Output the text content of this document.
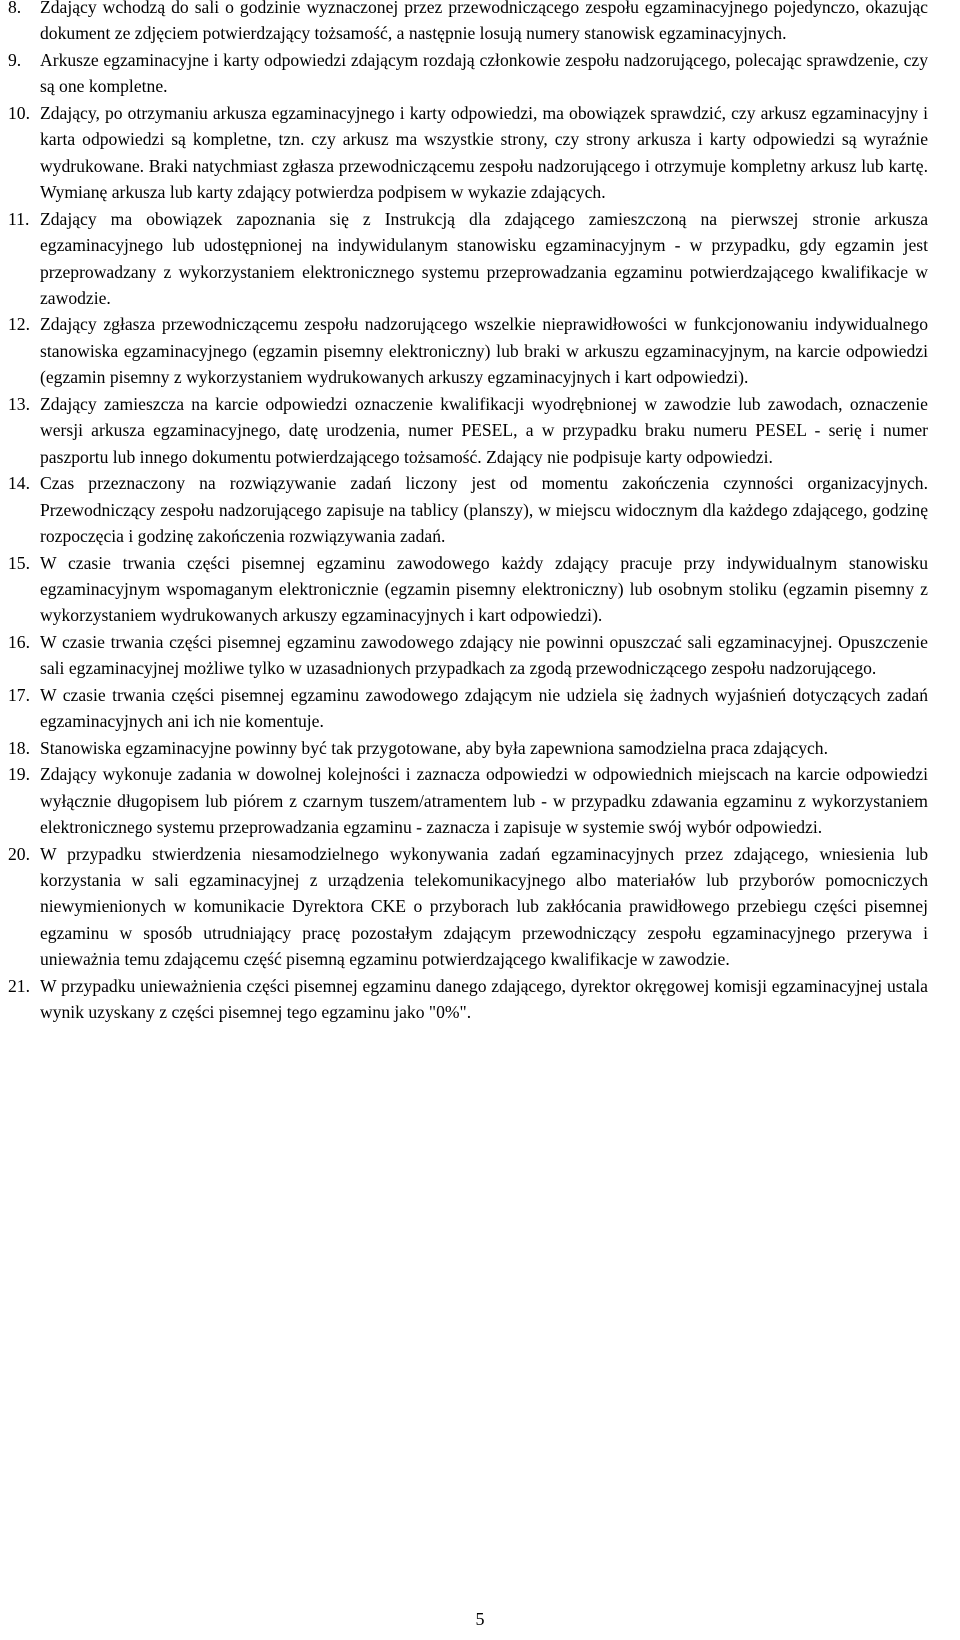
8.	Zdający wchodzą do sali o godzinie wyznaczonej przez przewodniczącego zespołu egzaminacyjnego pojedynczo, okazując dokument ze zdjęciem potwierdzający tożsamość, a następnie losują numery stanowisk egzaminacyjnych.
9.	Arkusze egzaminacyjne i karty odpowiedzi zdającym rozdają członkowie zespołu nadzorującego, polecając sprawdzenie, czy są one kompletne.
10. Zdający, po otrzymaniu arkusza egzaminacyjnego i karty odpowiedzi, ma obowiązek sprawdzić, czy arkusz egzaminacyjny i karta odpowiedzi są kompletne, tzn. czy arkusz ma wszystkie strony, czy strony arkusza i karty odpowiedzi są wyraźnie wydrukowane. Braki natychmiast zgłasza przewodniczącemu zespołu nadzorującego i otrzymuje kompletny arkusz lub kartę. Wymianę arkusza lub karty zdający potwierdza podpisem w wykazie zdających.
11. Zdający ma obowiązek zapoznania się z Instrukcją dla zdającego zamieszczoną na pierwszej stronie arkusza egzaminacyjnego lub udostępnionej na indywidulanym stanowisku egzaminacyjnym - w przypadku, gdy egzamin jest przeprowadzany z wykorzystaniem elektronicznego systemu przeprowadzania egzaminu potwierdzającego kwalifikacje w zawodzie.
12. Zdający zgłasza przewodniczącemu zespołu nadzorującego wszelkie nieprawidłowości w funkcjonowaniu indywidualnego stanowiska egzaminacyjnego (egzamin pisemny elektroniczny) lub braki w arkuszu egzaminacyjnym, na karcie odpowiedzi (egzamin pisemny z wykorzystaniem wydrukowanych arkuszy egzaminacyjnych i kart odpowiedzi).
13. Zdający zamieszcza na karcie odpowiedzi oznaczenie kwalifikacji wyodrębnionej w zawodzie lub zawodach, oznaczenie wersji arkusza egzaminacyjnego, datę urodzenia, numer PESEL, a w przypadku braku numeru PESEL - serię i numer paszportu lub innego dokumentu potwierdzającego tożsamość. Zdający nie podpisuje karty odpowiedzi.
14. Czas przeznaczony na rozwiązywanie zadań liczony jest od momentu zakończenia czynności organizacyjnych. Przewodniczący zespołu nadzorującego zapisuje na tablicy (planszy), w miejscu widocznym dla każdego zdającego, godzinę rozpoczęcia i godzinę zakończenia rozwiązywania zadań.
15. W czasie trwania części pisemnej egzaminu zawodowego każdy zdający pracuje przy indywidualnym stanowisku egzaminacyjnym wspomaganym elektronicznie (egzamin pisemny elektroniczny) lub osobnym stoliku (egzamin pisemny z wykorzystaniem wydrukowanych arkuszy egzaminacyjnych i kart odpowiedzi).
16. W czasie trwania części pisemnej egzaminu zawodowego zdający nie powinni opuszczać sali egzaminacyjnej. Opuszczenie sali egzaminacyjnej możliwe tylko w uzasadnionych przypadkach za zgodą przewodniczącego zespołu nadzorującego.
17. W czasie trwania części pisemnej egzaminu zawodowego zdającym nie udziela się żadnych wyjaśnień dotyczących zadań egzaminacyjnych ani ich nie komentuje.
18. Stanowiska egzaminacyjne powinny być tak przygotowane, aby była zapewniona samodzielna praca zdających.
19. Zdający wykonuje zadania w dowolnej kolejności i zaznacza odpowiedzi w odpowiednich miejscach na karcie odpowiedzi wyłącznie długopisem lub piórem z czarnym tuszem/atramentem lub - w przypadku zdawania egzaminu z wykorzystaniem elektronicznego systemu przeprowadzania egzaminu - zaznacza i zapisuje w systemie swój wybór odpowiedzi.
20. W przypadku stwierdzenia niesamodzielnego wykonywania zadań egzaminacyjnych przez zdającego, wniesienia lub korzystania w sali egzaminacyjnej z urządzenia telekomunikacyjnego albo materiałów lub przyborów pomocniczych niewymienionych w komunikacie Dyrektora CKE o przyborach lub zakłócania prawidłowego przebiegu części pisemnej egzaminu w sposób utrudniający pracę pozostałym zdającym przewodniczący zespołu egzaminacyjnego przerywa i unieważnia temu zdającemu część pisemną egzaminu potwierdzającego kwalifikacje w zawodzie.
21. W przypadku unieważnienia części pisemnej egzaminu danego zdającego, dyrektor okręgowej komisji egzaminacyjnej ustala wynik uzyskany z części pisemnej tego egzaminu jako "0%".
5
